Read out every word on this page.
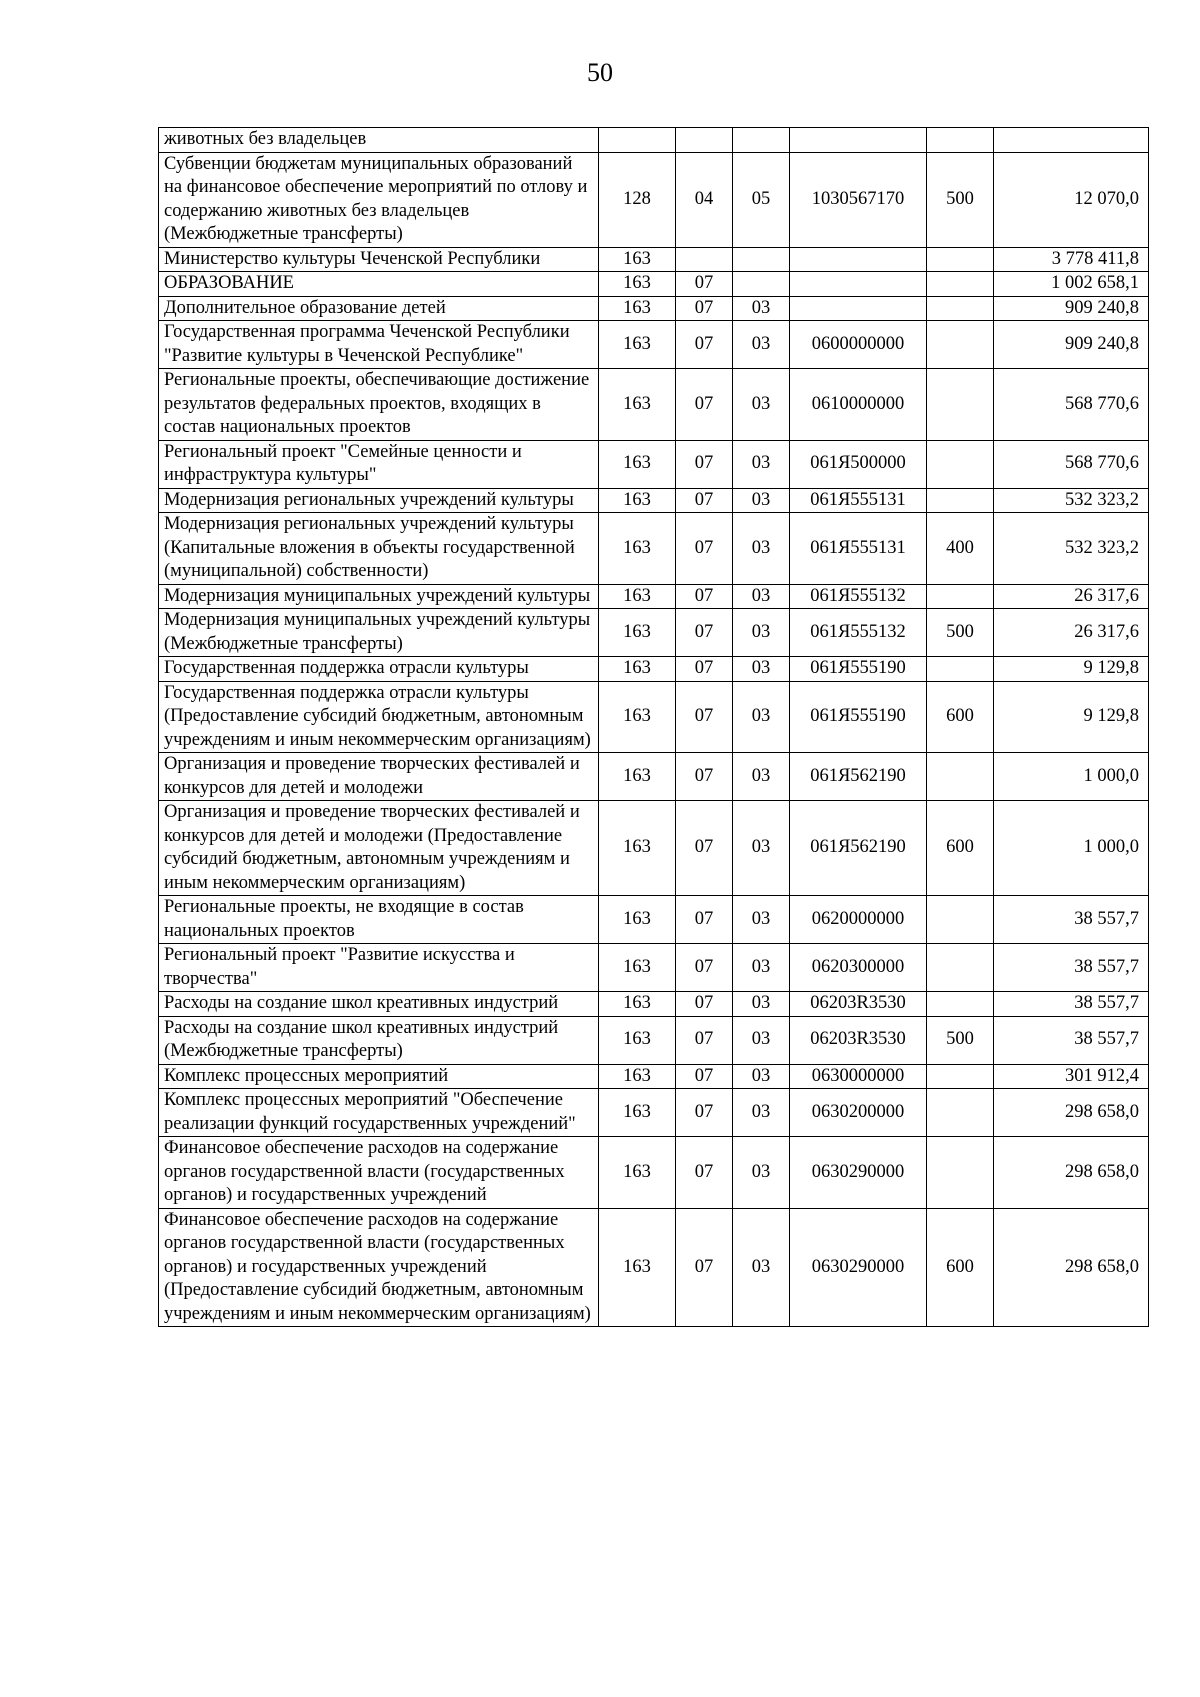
50
животных без владельцев						
Субвенции бюджетам муниципальных образований на финансовое обеспечение мероприятий по отлову и содержанию животных без владельцев (Межбюджетные трансферты)	128	04	05	1030567170	500	12 070,0
Министерство культуры Чеченской Республики	163					3 778 411,8
ОБРАЗОВАНИЕ	163	07				1 002 658,1
Дополнительное образование детей	163	07	03			909 240,8
Государственная программа Чеченской Республики "Развитие культуры в Чеченской Республике"	163	07	03	0600000000		909 240,8
Региональные проекты, обеспечивающие достижение результатов федеральных проектов, входящих в состав национальных проектов	163	07	03	0610000000		568 770,6
Региональный проект "Семейные ценности и инфраструктура культуры"	163	07	03	061Я500000		568 770,6
Модернизация региональных учреждений культуры	163	07	03	061Я555131		532 323,2
Модернизация региональных учреждений культуры (Капитальные вложения в объекты государственной (муниципальной) собственности)	163	07	03	061Я555131	400	532 323,2
Модернизация муниципальных учреждений культуры	163	07	03	061Я555132		26 317,6
Модернизация муниципальных учреждений культуры (Межбюджетные трансферты)	163	07	03	061Я555132	500	26 317,6
Государственная поддержка отрасли культуры	163	07	03	061Я555190		9 129,8
Государственная поддержка отрасли культуры (Предоставление субсидий бюджетным, автономным учреждениям и иным некоммерческим организациям)	163	07	03	061Я555190	600	9 129,8
Организация и проведение творческих фестивалей и конкурсов для детей и молодежи	163	07	03	061Я562190		1 000,0
Организация и проведение творческих фестивалей и конкурсов для детей и молодежи (Предоставление субсидий бюджетным, автономным учреждениям и иным некоммерческим организациям)	163	07	03	061Я562190	600	1 000,0
Региональные проекты, не входящие в состав национальных проектов	163	07	03	0620000000		38 557,7
Региональный проект "Развитие искусства и творчества"	163	07	03	0620300000		38 557,7
Расходы на создание школ креативных индустрий	163	07	03	06203R3530		38 557,7
Расходы на создание школ креативных индустрий (Межбюджетные трансферты)	163	07	03	06203R3530	500	38 557,7
Комплекс процессных мероприятий	163	07	03	0630000000		301 912,4
Комплекс процессных мероприятий "Обеспечение реализации функций государственных учреждений"	163	07	03	0630200000		298 658,0
Финансовое обеспечение расходов на содержание органов государственной власти (государственных органов) и государственных учреждений	163	07	03	0630290000		298 658,0
Финансовое обеспечение расходов на содержание органов государственной власти (государственных органов) и государственных учреждений (Предоставление субсидий бюджетным, автономным учреждениям и иным некоммерческим организациям)	163	07	03	0630290000	600	298 658,0
